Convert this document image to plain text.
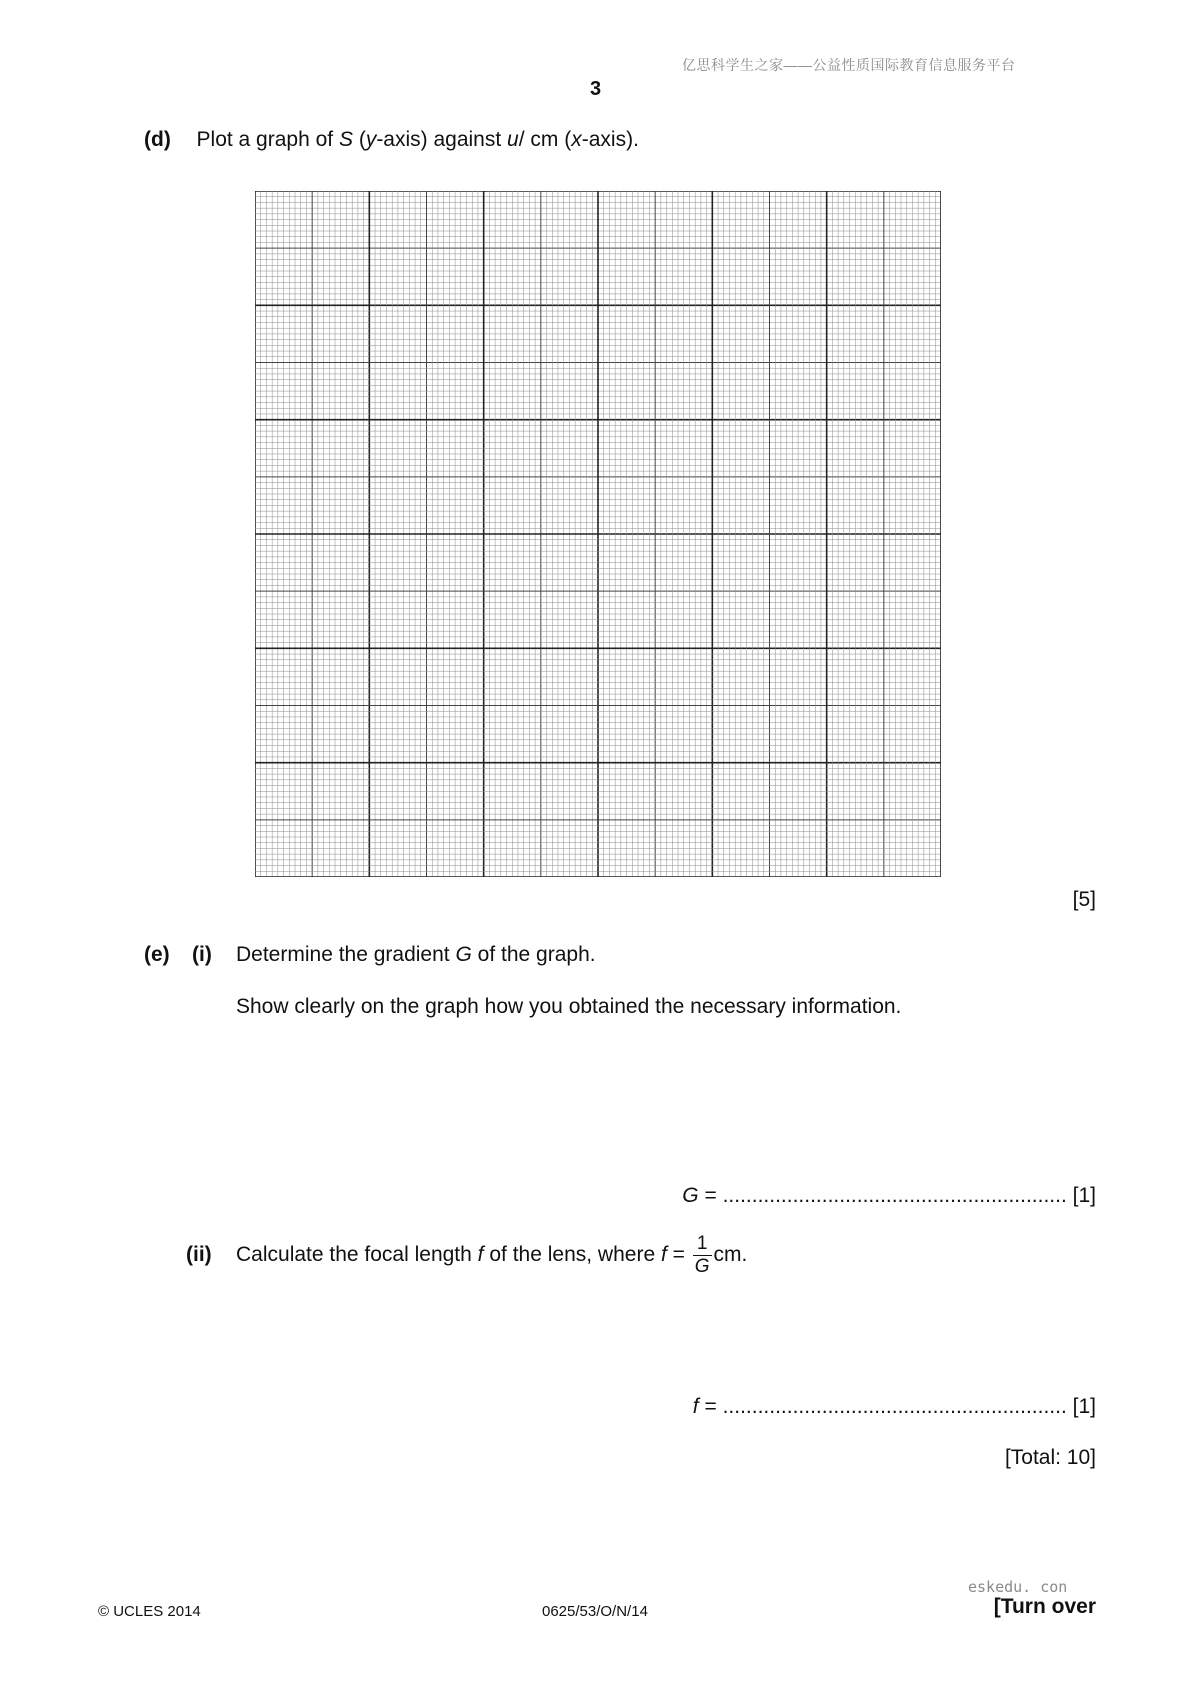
亿思科学生之家——公益性质国际教育信息服务平台
3
(d) Plot a graph of S (y-axis) against u/ cm (x-axis).
[5]
(e) (i) Determine the gradient G of the graph.
Show clearly on the graph how you obtained the necessary information.
G = ........................................................... [1]
(ii) Calculate the focal length f of the lens, where $f = \frac{1}{G}$ cm.
f = ........................................................... [1]
[Total: 10]
eskedu. con
© UCLES 2014	0625/53/O/N/14	[Turn over
